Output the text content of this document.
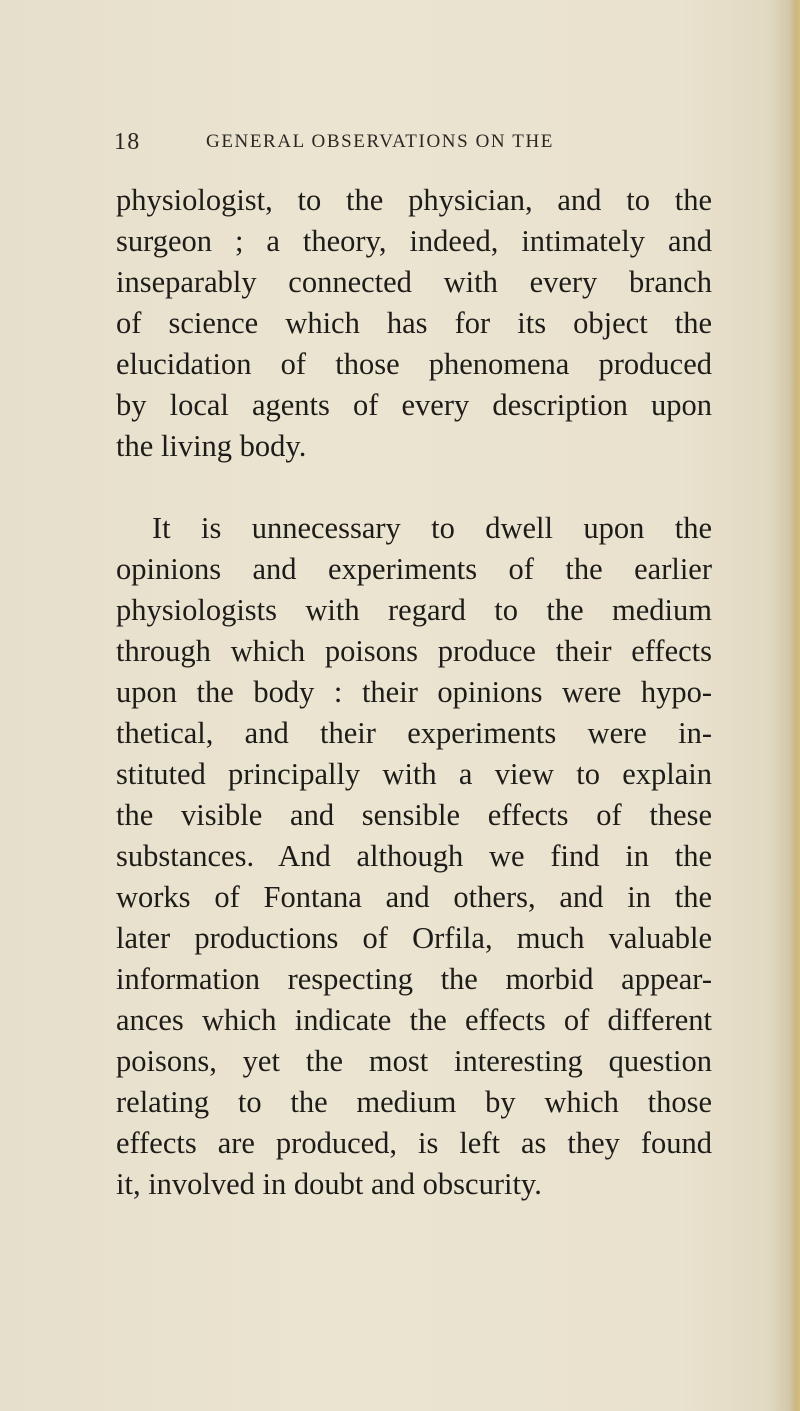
18	GENERAL OBSERVATIONS ON THE

physiologist, to the physician, and to the
surgeon ; a theory, indeed, intimately and
inseparably connected with every branch
of science which has for its object the
elucidation of those phenomena produced
by local agents of every description upon
the living body.

It is unnecessary to dwell upon the
opinions and experiments of the earlier
physiologists with regard to the medium
through which poisons produce their effects
upon the body : their opinions were hypo-
thetical, and their experiments were in-
stituted principally with a view to explain
the visible and sensible effects of these
substances. And although we find in the
works of Fontana and others, and in the
later productions of Orfila, much valuable
information respecting the morbid appear-
ances which indicate the effects of different
poisons, yet the most interesting question
relating to the medium by which those
effects are produced, is left as they found
it, involved in doubt and obscurity.
